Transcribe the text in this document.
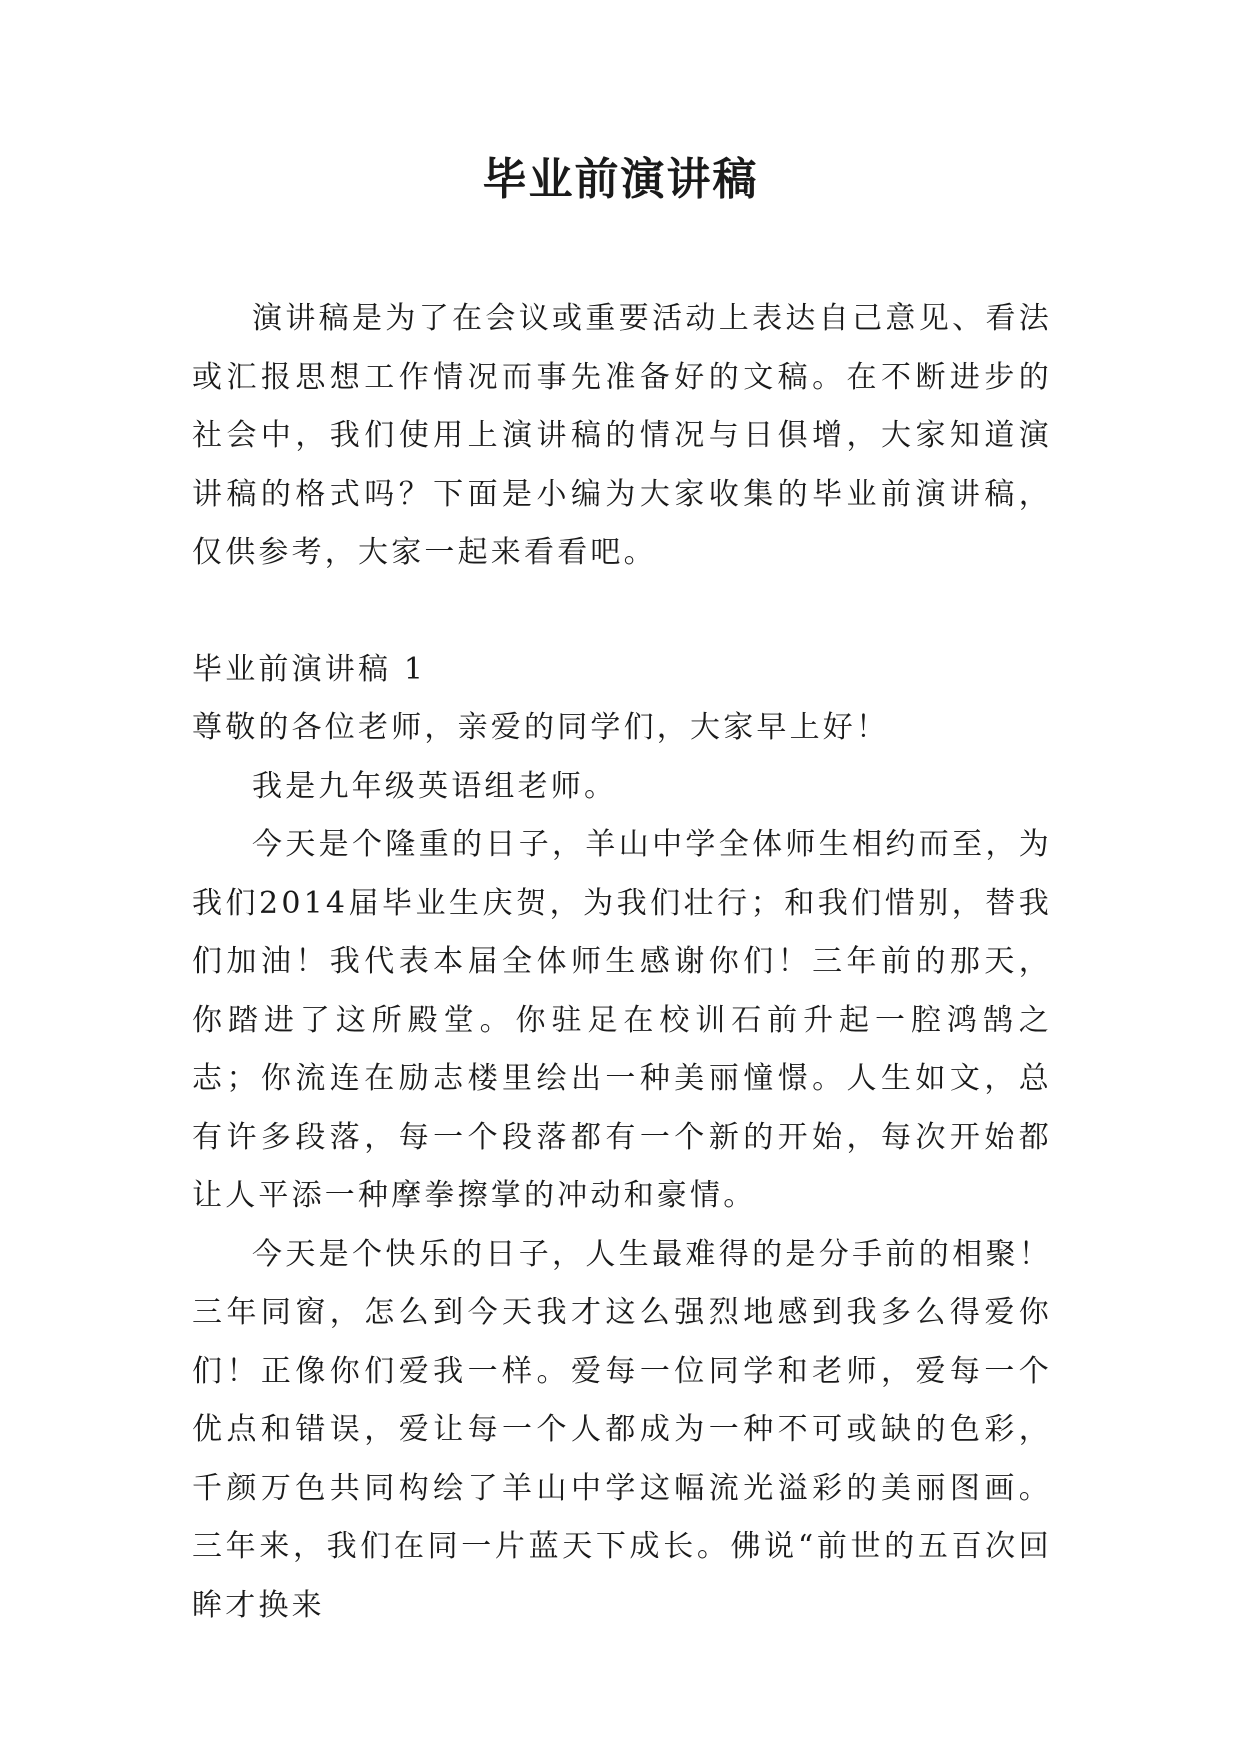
毕业前演讲稿

演讲稿是为了在会议或重要活动上表达自己意见、看法或汇报思想工作情况而事先准备好的文稿。在不断进步的社会中，我们使用上演讲稿的情况与日俱增，大家知道演讲稿的格式吗？下面是小编为大家收集的毕业前演讲稿，仅供参考，大家一起来看看吧。

毕业前演讲稿 1

尊敬的各位老师，亲爱的同学们，大家早上好！

我是九年级英语组老师。

今天是个隆重的日子，羊山中学全体师生相约而至，为我们2014届毕业生庆贺，为我们壮行；和我们惜别，替我们加油！我代表本届全体师生感谢你们！三年前的那天，你踏进了这所殿堂。你驻足在校训石前升起一腔鸿鹄之志；你流连在励志楼里绘出一种美丽憧憬。人生如文，总有许多段落，每一个段落都有一个新的开始，每次开始都让人平添一种摩拳擦掌的冲动和豪情。

今天是个快乐的日子，人生最难得的是分手前的相聚！三年同窗，怎么到今天我才这么强烈地感到我多么得爱你们！正像你们爱我一样。爱每一位同学和老师，爱每一个优点和错误，爱让每一个人都成为一种不可或缺的色彩，千颜万色共同构绘了羊山中学这幅流光溢彩的美丽图画。三年来，我们在同一片蓝天下成长。佛说“前世的五百次回眸才换来
